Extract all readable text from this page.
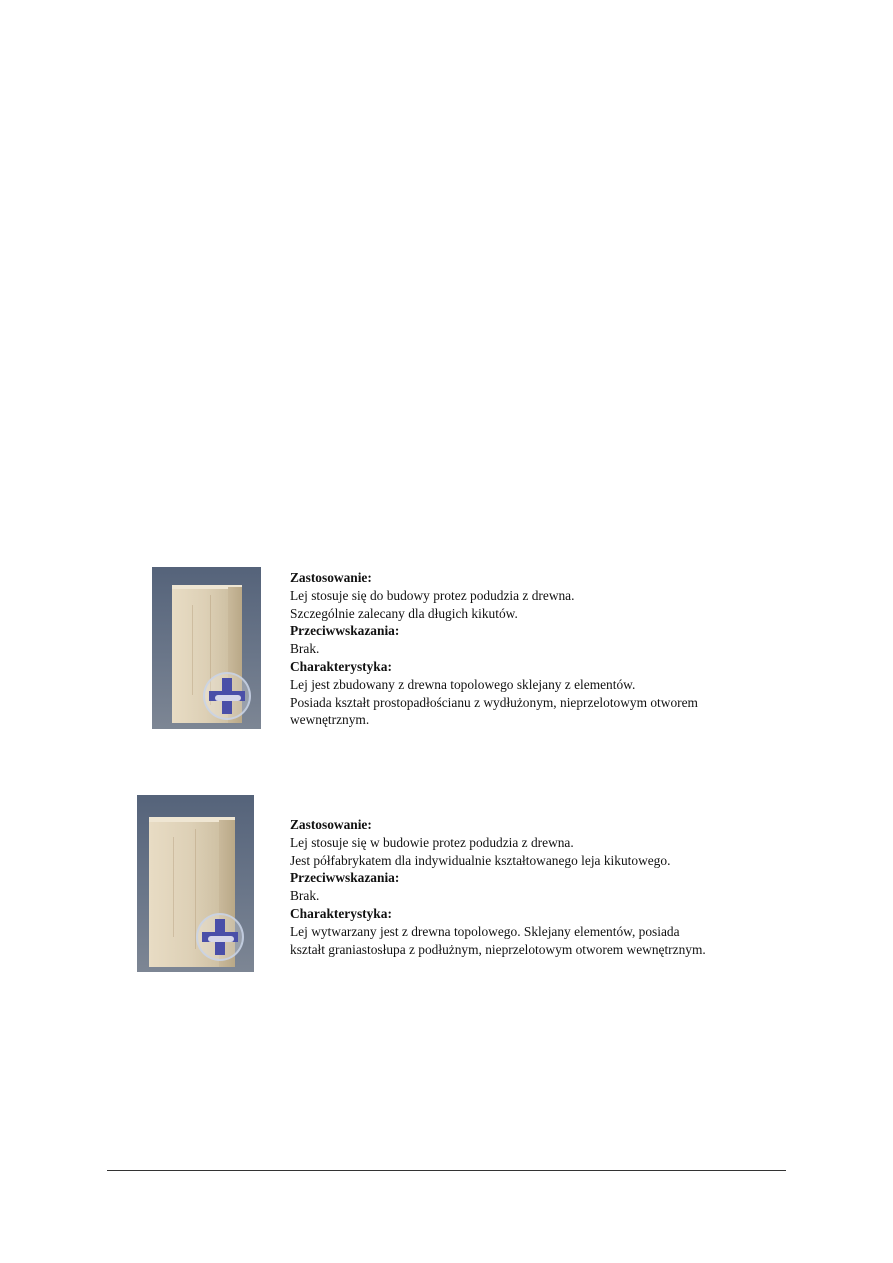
Zastosowanie:
Lej stosuje się do budowy protez podudzia z drewna.
Szczególnie zalecany dla długich kikutów.
Przeciwwskazania:
Brak.
Charakterystyka:
Lej jest zbudowany z drewna topolowego sklejany z elementów.
Posiada kształt prostopadłościanu z wydłużonym, nieprzelotowym otworem
wewnętrznym.
Zastosowanie:
Lej stosuje się w budowie protez podudzia z drewna.
Jest półfabrykatem dla indywidualnie kształtowanego leja kikutowego.
Przeciwwskazania:
Brak.
Charakterystyka:
Lej wytwarzany jest z drewna topolowego. Sklejany elementów, posiada
kształt graniastosłupa z podłużnym, nieprzelotowym otworem wewnętrznym.
